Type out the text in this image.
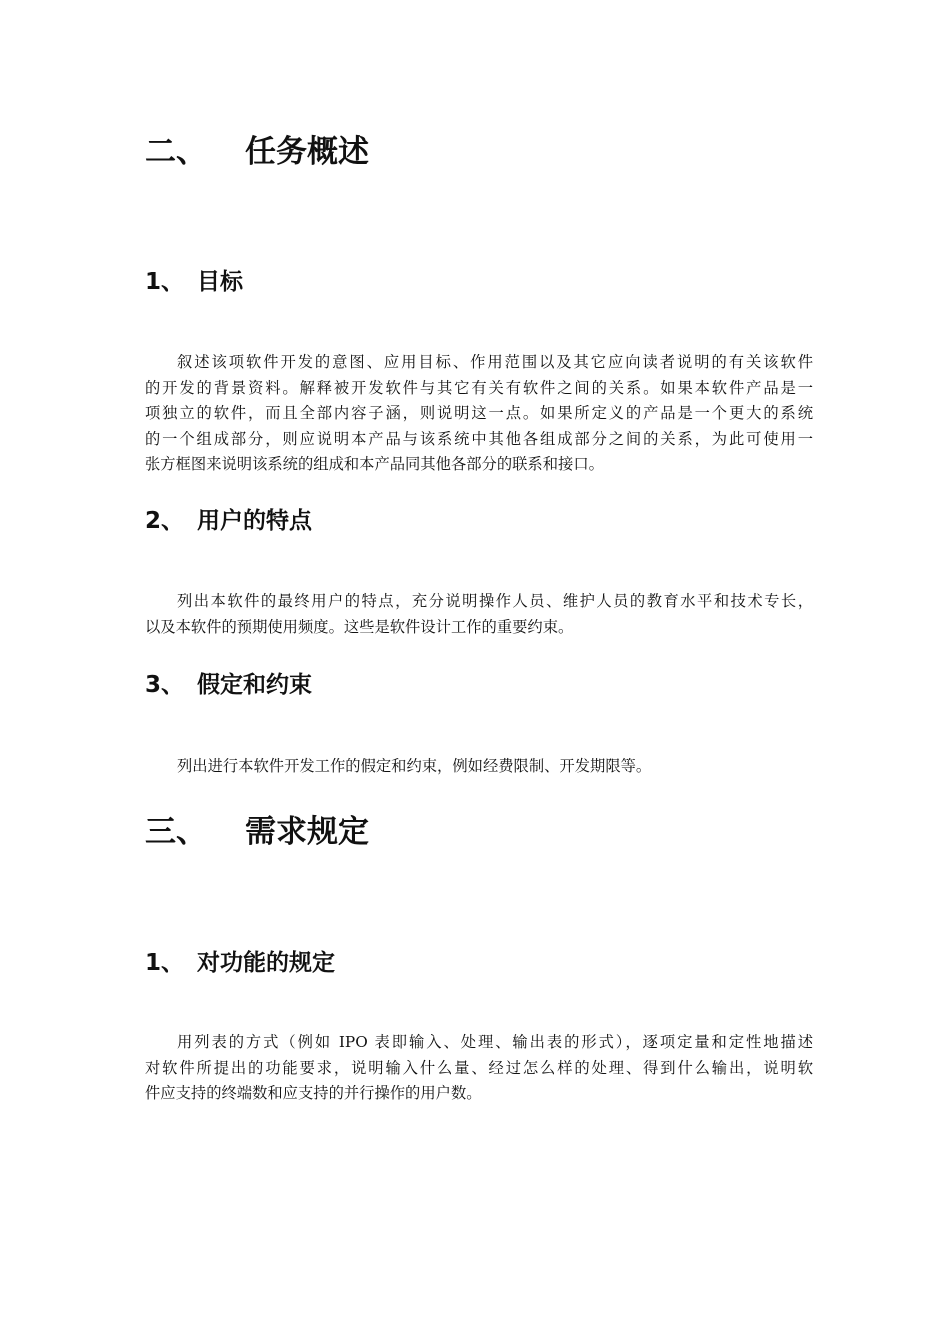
二、 任务概述
1、 目标
叙述该项软件开发的意图、应用目标、作用范围以及其它应向读者说明的有关该软件
的开发的背景资料。解释被开发软件与其它有关有软件之间的关系。如果本软件产品是一
项独立的软件，而且全部内容子涵，则说明这一点。如果所定义的产品是一个更大的系统
的一个组成部分，则应说明本产品与该系统中其他各组成部分之间的关系，为此可使用一
张方框图来说明该系统的组成和本产品同其他各部分的联系和接口。
2、 用户的特点
列出本软件的最终用户的特点，充分说明操作人员、维护人员的教育水平和技术专长，
以及本软件的预期使用频度。这些是软件设计工作的重要约束。
3、 假定和约束
列出进行本软件开发工作的假定和约束，例如经费限制、开发期限等。
三、 需求规定
1、 对功能的规定
用列表的方式（例如 IPO 表即输入、处理、输出表的形式），逐项定量和定性地描述
对软件所提出的功能要求，说明输入什么量、经过怎么样的处理、得到什么输出，说明软
件应支持的终端数和应支持的并行操作的用户数。
